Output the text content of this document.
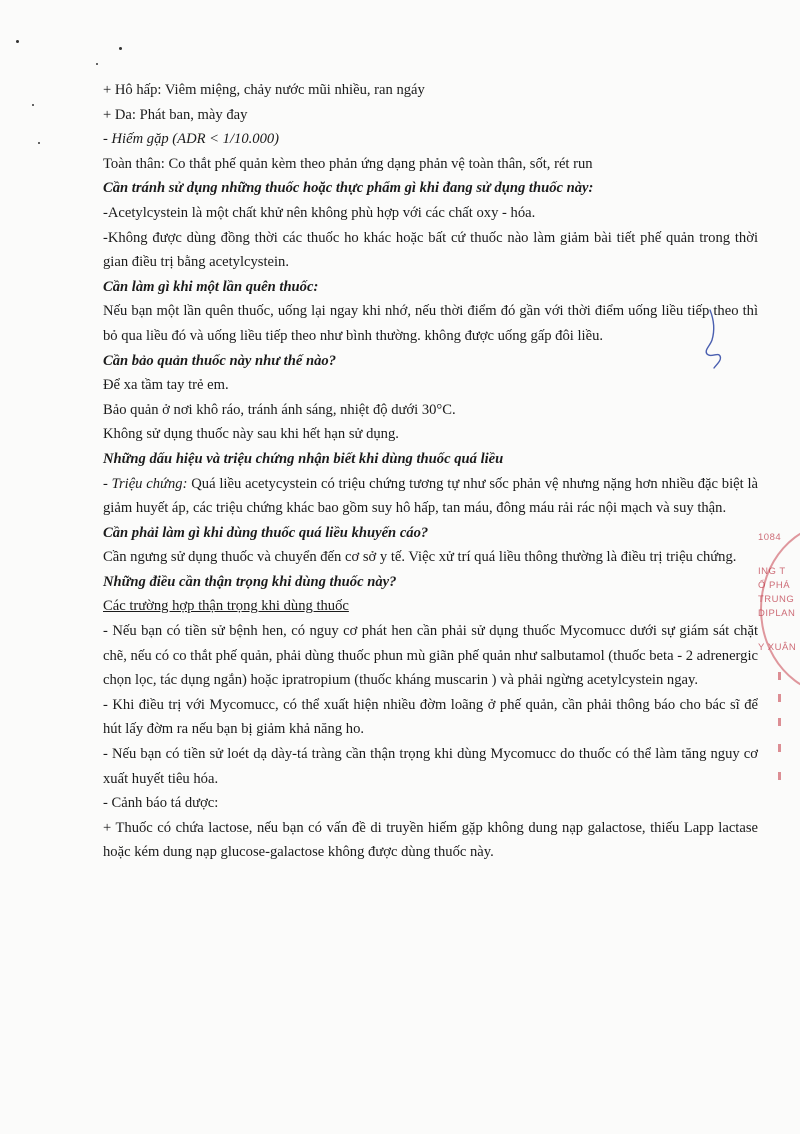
+ Hô hấp: Viêm miệng, chảy nước mũi nhiều, ran ngáy

+ Da: Phát ban, mày đay

- Hiếm gặp (ADR < 1/10.000)

Toàn thân: Co thắt phế quản kèm theo phản ứng dạng phản vệ toàn thân, sốt, rét run

Cần tránh sử dụng những thuốc hoặc thực phẩm gì khi đang sử dụng thuốc này:

-Acetylcystein là một chất khử nên không phù hợp với các chất oxy - hóa.

-Không được dùng đồng thời các thuốc ho khác hoặc bất cứ thuốc nào làm giảm bài tiết phế quản trong thời gian điều trị bằng acetylcystein.

Cần làm gì khi một lần quên thuốc:

Nếu bạn một lần quên thuốc, uống lại ngay khi nhớ, nếu thời điểm đó gần với thời điểm uống liều tiếp theo thì bỏ qua liều đó và uống liều tiếp theo như bình thường. không được uống gấp đôi liều.

Cần bảo quản thuốc này như thế nào?

Để xa tầm tay trẻ em.

Bảo quản ở nơi khô ráo, tránh ánh sáng, nhiệt độ dưới 30°C.

Không sử dụng thuốc này sau khi hết hạn sử dụng.

Những dấu hiệu và triệu chứng nhận biết khi dùng thuốc quá liều

- Triệu chứng: Quá liều acetycystein có triệu chứng tương tự như sốc phản vệ nhưng nặng hơn nhiều đặc biệt là giảm huyết áp, các triệu chứng khác bao gồm suy hô hấp, tan máu, đông máu rải rác nội mạch và suy thận.

Cần phải làm gì khi dùng thuốc quá liều khuyến cáo?

Cần ngưng sử dụng thuốc và chuyển đến cơ sở y tế. Việc xử trí quá liều thông thường là điều trị triệu chứng.

Những điều cần thận trọng khi dùng thuốc này?

Các trường hợp thận trọng khi dùng thuốc

- Nếu bạn có tiền sử bệnh hen, có nguy cơ phát hen cần phải sử dụng thuốc Mycomucc dưới sự giám sát chặt chẽ, nếu có co thắt phế quản, phải dùng thuốc phun mù giãn phế quản như salbutamol (thuốc beta - 2 adrenergic chọn lọc, tác dụng ngắn) hoặc ipratropium (thuốc kháng muscarin ) và phải ngừng acetylcystein ngay.

- Khi điều trị với Mycomucc, có thể xuất hiện nhiều đờm loãng ở phế quản, cần phải thông báo cho bác sĩ để hút lấy đờm ra nếu bạn bị giảm khả năng ho.

- Nếu bạn có tiền sử loét dạ dày-tá tràng cần thận trọng khi dùng Mycomucc do thuốc có thể làm tăng nguy cơ xuất huyết tiêu hóa.

- Cảnh báo tá dược:

+ Thuốc có chứa lactose, nếu bạn có vấn đề di truyền hiếm gặp không dung nạp galactose, thiếu Lapp lactase hoặc kém dung nạp glucose-galactose không được dùng thuốc này.

1084
ING T
Ổ PHÁ
TRUNG
DIPLAN
Y XUÂN
